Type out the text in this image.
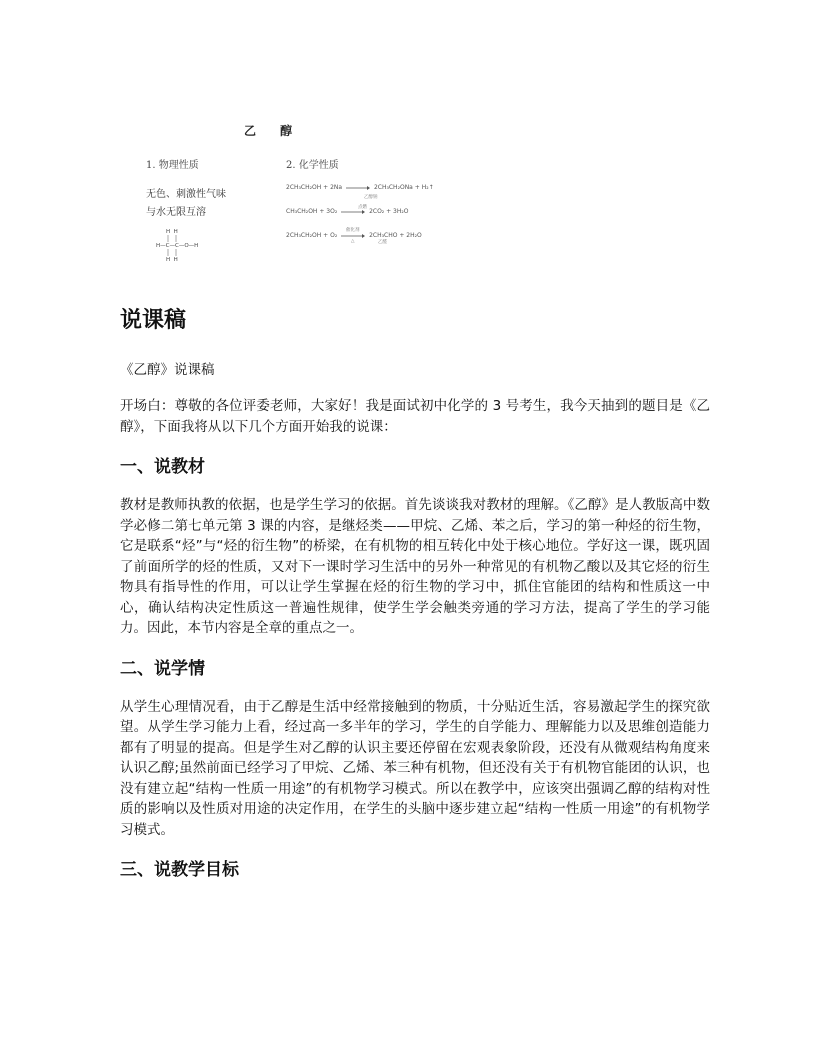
乙 醇
1. 物理性质	2. 化学性质
无色、刺激性气味
与水无限互溶
H  H
H—C—C—O—H
H  H
2CH₃CH₂OH + 2Na	2CH₃CH₂ONa + H₂↑
乙醇钠
CH₃CH₂OH + 3O₂	2CO₂ + 3H₂O
点燃
2CH₃CH₂OH + O₂	2CH₃CHO + 2H₂O
催化剂
△	乙醛
说课稿
《乙醇》说课稿

开场白：尊敬的各位评委老师，大家好！我是面试初中化学的 3 号考生，我今天抽到的题目是《乙醇》，下面我将从以下几个方面开始我的说课：

一、说教材

教材是教师执教的依据，也是学生学习的依据。首先谈谈我对教材的理解。《乙醇》是人教版高中数学必修二第七单元第 3 课的内容，是继烃类——甲烷、乙烯、苯之后，学习的第一种烃的衍生物，它是联系“烃”与“烃的衍生物”的桥梁，在有机物的相互转化中处于核心地位。学好这一课，既巩固了前面所学的烃的性质，又对下一课时学习生活中的另外一种常见的有机物乙酸以及其它烃的衍生物具有指导性的作用，可以让学生掌握在烃的衍生物的学习中，抓住官能团的结构和性质这一中心，确认结构决定性质这一普遍性规律，使学生学会触类旁通的学习方法，提高了学生的学习能力。因此，本节内容是全章的重点之一。

二、说学情

从学生心理情况看，由于乙醇是生活中经常接触到的物质，十分贴近生活，容易激起学生的探究欲望。从学生学习能力上看，经过高一多半年的学习，学生的自学能力、理解能力以及思维创造能力都有了明显的提高。但是学生对乙醇的认识主要还停留在宏观表象阶段，还没有从微观结构角度来认识乙醇;虽然前面已经学习了甲烷、乙烯、苯三种有机物，但还没有关于有机物官能团的认识，也没有建立起“结构一性质一用途”的有机物学习模式。所以在教学中，应该突出强调乙醇的结构对性质的影响以及性质对用途的决定作用，在学生的头脑中逐步建立起“结构一性质一用途”的有机物学习模式。

三、说教学目标
